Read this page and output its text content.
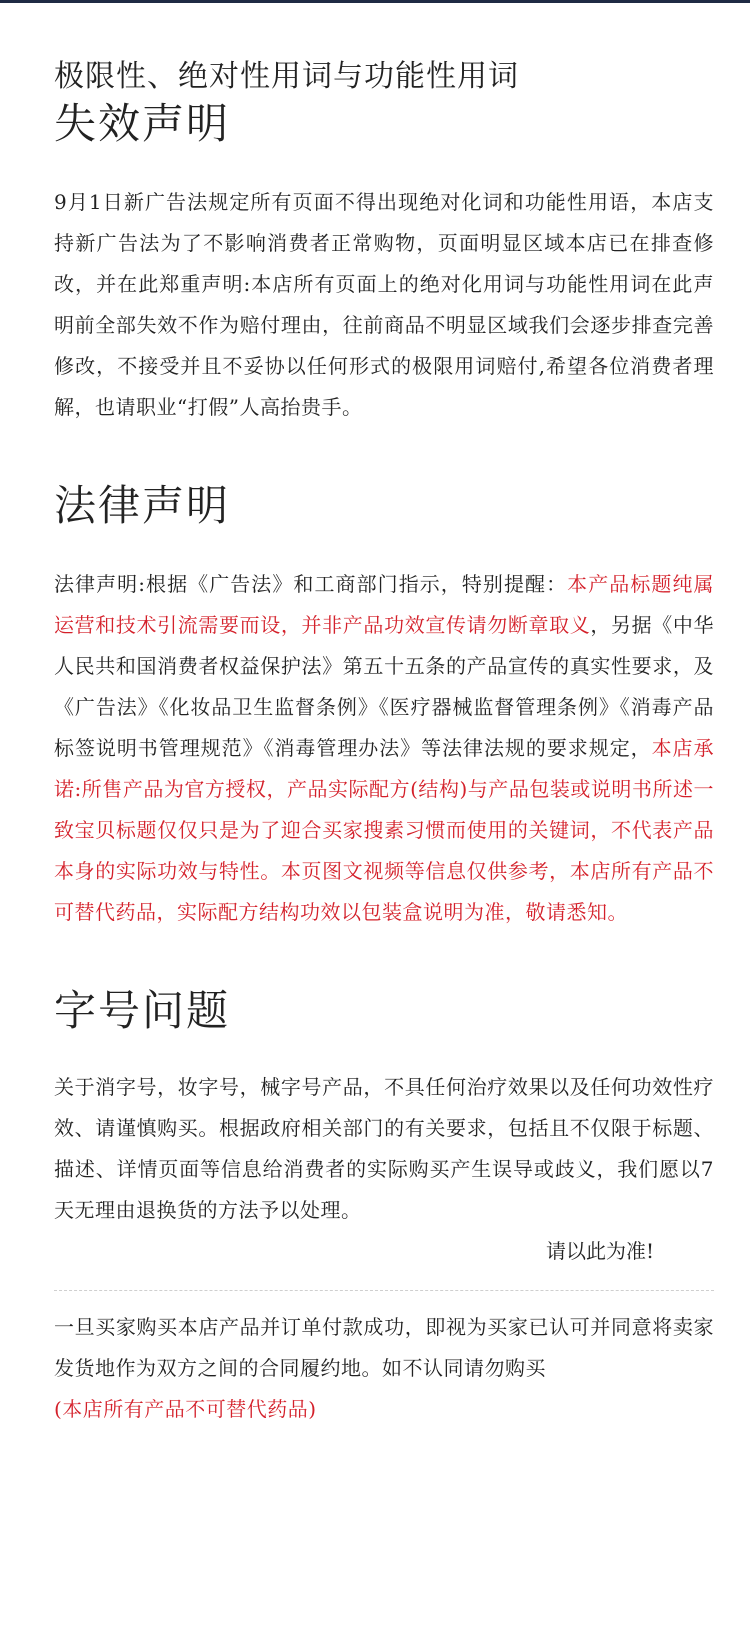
极限性、绝对性用词与功能性用词
失效声明

9月1日新广告法规定所有页面不得出现绝对化词和功能性用语，本店支持新广告法为了不影响消费者正常购物，页面明显区域本店已在排查修改，并在此郑重声明:本店所有页面上的绝对化用词与功能性用词在此声明前全部失效不作为赔付理由，往前商品不明显区域我们会逐步排查完善修改，不接受并且不妥协以任何形式的极限用词赔付,希望各位消费者理解，也请职业“打假”人高抬贵手。

法律声明

法律声明:根据《广告法》和工商部门指示，特别提醒：本产品标题纯属运营和技术引流需要而设，并非产品功效宣传请勿断章取义，另据《中华人民共和国消费者权益保护法》第五十五条的产品宣传的真实性要求，及《广告法》《化妆品卫生监督条例》《医疗器械监督管理条例》《消毒产品标签说明书管理规范》《消毒管理办法》等法律法规的要求规定，本店承诺:所售产品为官方授权，产品实际配方(结构)与产品包装或说明书所述一致宝贝标题仅仅只是为了迎合买家搜素习惯而使用的关键词，不代表产品本身的实际功效与特性。本页图文视频等信息仅供参考，本店所有产品不可替代药品，实际配方结构功效以包装盒说明为准，敬请悉知。

字号问题

关于消字号，妆字号，械字号产品，不具任何治疗效果以及任何功效性疗效、请谨慎购买。根据政府相关部门的有关要求，包括且不仅限于标题、描述、详情页面等信息给消费者的实际购买产生误导或歧义，我们愿以7天无理由退换货的方法予以处理。

请以此为准!

一旦买家购买本店产品并订单付款成功，即视为买家已认可并同意将卖家发货地作为双方之间的合同履约地。如不认同请勿购买
(本店所有产品不可替代药品)
